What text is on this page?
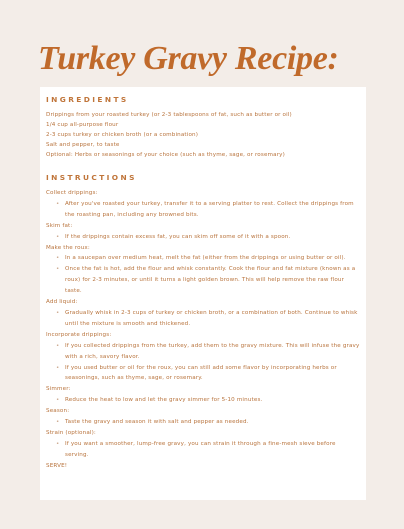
Turkey Gravy Recipe:
INGREDIENTS

Drippings from your roasted turkey (or 2-3 tablespoons of fat, such as butter or oil)

1/4 cup all-purpose flour

2-3 cups turkey or chicken broth (or a combination)

Salt and pepper, to taste

Optional: Herbs or seasonings of your choice (such as thyme, sage, or rosemary)

INSTRUCTIONS

Collect drippings:

• After you've roasted your turkey, transfer it to a serving platter to rest. Collect the drippings from the roasting pan, including any browned bits.

Skim fat:

• If the drippings contain excess fat, you can skim off some of it with a spoon.

Make the roux:

• In a saucepan over medium heat, melt the fat (either from the drippings or using butter or oil).
• Once the fat is hot, add the flour and whisk constantly. Cook the flour and fat mixture (known as a roux) for 2-3 minutes, or until it turns a light golden brown. This will help remove the raw flour taste.

Add liquid:

• Gradually whisk in 2-3 cups of turkey or chicken broth, or a combination of both. Continue to whisk until the mixture is smooth and thickened.

Incorporate drippings:

• If you collected drippings from the turkey, add them to the gravy mixture. This will infuse the gravy with a rich, savory flavor.
• If you used butter or oil for the roux, you can still add some flavor by incorporating herbs or seasonings, such as thyme, sage, or rosemary.

Simmer:

• Reduce the heat to low and let the gravy simmer for 5-10 minutes.

Season:

• Taste the gravy and season it with salt and pepper as needed.

Strain (optional):

• If you want a smoother, lump-free gravy, you can strain it through a fine-mesh sieve before serving.

SERVE!
